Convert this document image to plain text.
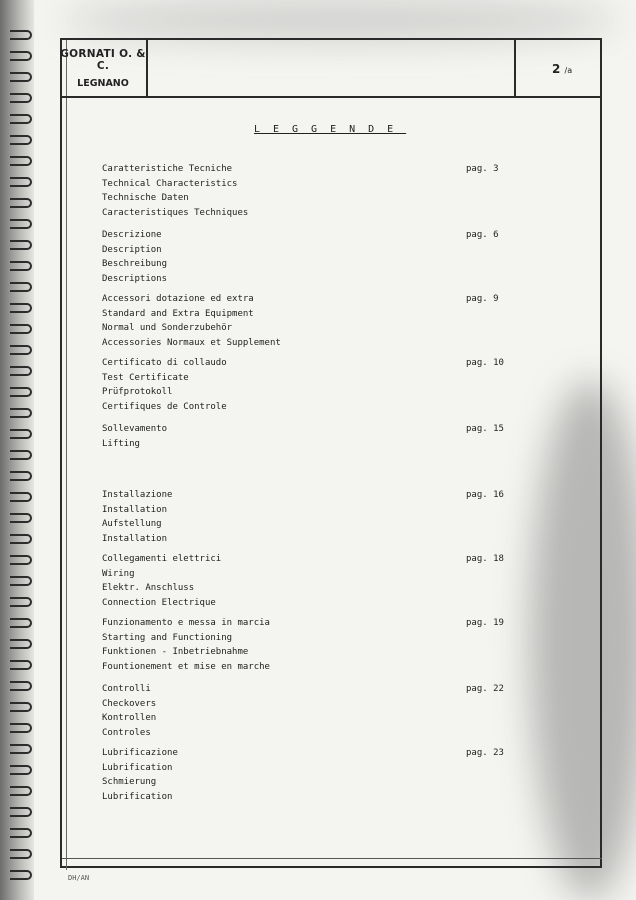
GORNATI O. & C.
LEGNANO
2 /a
LEGGENDE
Caratteristiche Tecniche
Technical Characteristics
Technische Daten
Caracteristiques Techniques
pag. 3
Descrizione
Description
Beschreibung
Descriptions
pag. 6
Accessori dotazione ed extra
Standard and Extra Equipment
Normal und Sonderzubehör
Accessories Normaux et Supplement
pag. 9
Certificato di collaudo
Test Certificate
Prüfprotokoll
Certifiques de Controle
pag. 10
Sollevamento
Lifting
pag. 15
Installazione
Installation
Aufstellung
Installation
pag. 16
Collegamenti elettrici
Wiring
Elektr. Anschluss
Connection Electrique
pag. 18
Funzionamento e messa in marcia
Starting and Functioning
Funktionen - Inbetriebnahme
Fountionement et mise en marche
pag. 19
Controlli
Checkovers
Kontrollen
Controles
pag. 22
Lubrificazione
Lubrification
Schmierung
Lubrification
pag. 23
DH/AN
